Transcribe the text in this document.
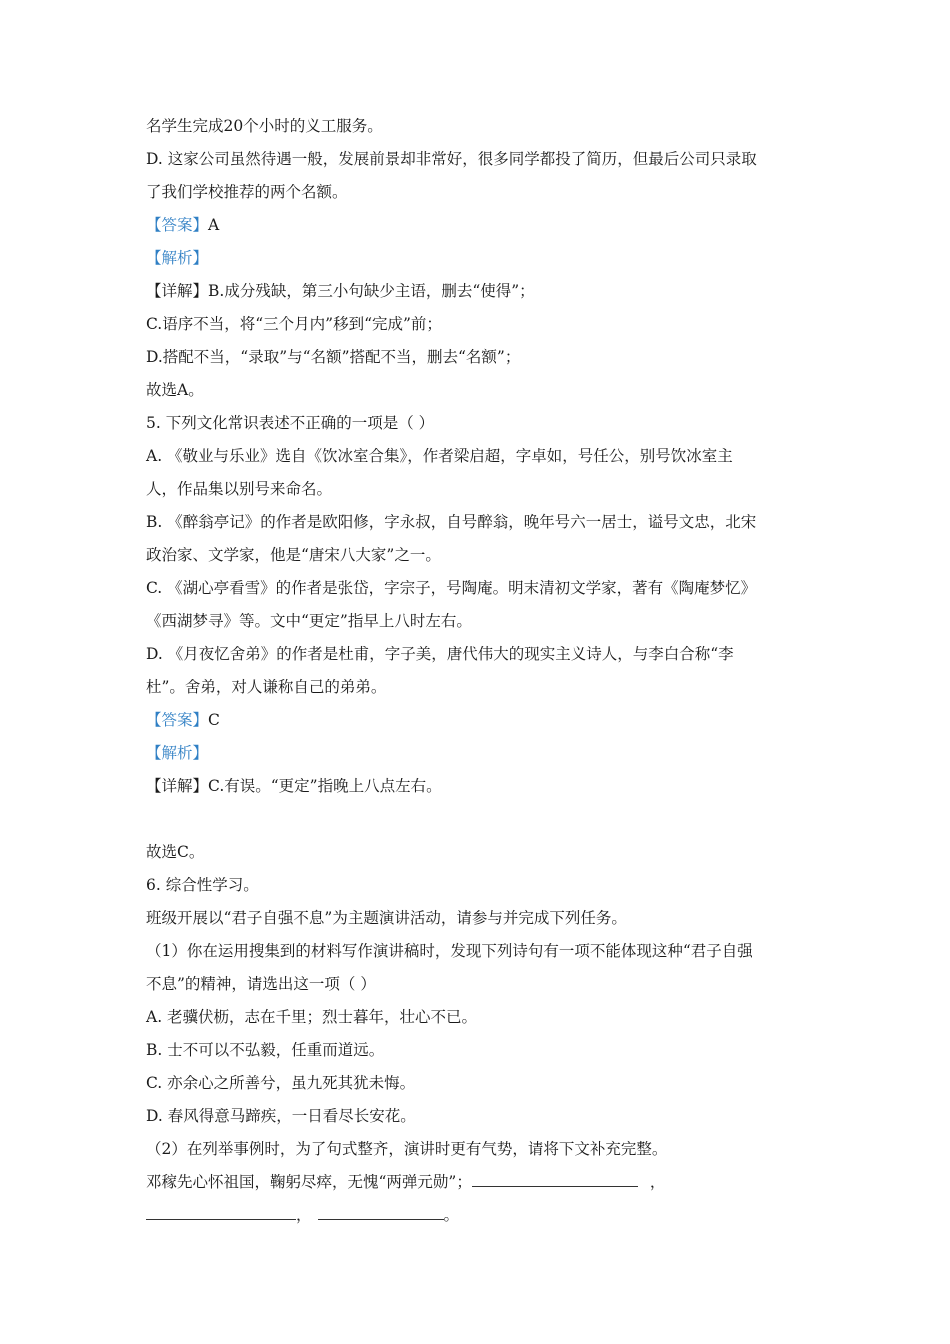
名学生完成20个小时的义工服务。
D. 这家公司虽然待遇一般，发展前景却非常好，很多同学都投了简历，但最后公司只录取
了我们学校推荐的两个名额。
【答案】A
【解析】
【详解】B.成分残缺，第三小句缺少主语，删去“使得”；
C.语序不当，将“三个月内”移到“完成”前；
D.搭配不当，“录取”与“名额”搭配不当，删去“名额”；
故选A。
5. 下列文化常识表述不正确的一项是（ ）
A. 《敬业与乐业》选自《饮冰室合集》，作者梁启超，字卓如，号任公，别号饮冰室主
人，作品集以别号来命名。
B. 《醉翁亭记》的作者是欧阳修，字永叔，自号醉翁，晚年号六一居士，谥号文忠，北宋
政治家、文学家，他是“唐宋八大家”之一。
C. 《湖心亭看雪》的作者是张岱，字宗子，号陶庵。明末清初文学家，著有《陶庵梦忆》
《西湖梦寻》等。文中“更定”指早上八时左右。
D. 《月夜忆舍弟》的作者是杜甫，字子美，唐代伟大的现实主义诗人，与李白合称“李
杜”。舍弟，对人谦称自己的弟弟。
【答案】C
【解析】
【详解】C.有误。“更定”指晚上八点左右。
故选C。
6. 综合性学习。
班级开展以“君子自强不息”为主题演讲活动，请参与并完成下列任务。
（1）你在运用搜集到的材料写作演讲稿时，发现下列诗句有一项不能体现这种“君子自强
不息”的精神，请选出这一项（ ）
A. 老骥伏枥，志在千里；烈士暮年，壮心不已。
B. 士不可以不弘毅，任重而道远。
C. 亦余心之所善兮，虽九死其犹未悔。
D. 春风得意马蹄疾，一日看尽长安花。
（2）在列举事例时，为了句式整齐，演讲时更有气势，请将下文补充完整。
邓稼先心怀祖国，鞠躬尽瘁，无愧“两弹元勋”；	，
，	。
